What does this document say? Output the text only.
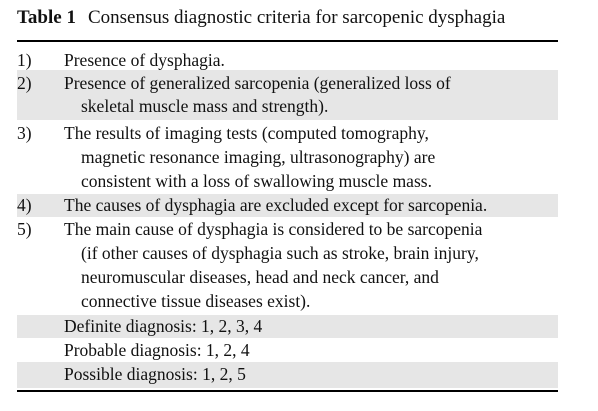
Table 1 Consensus diagnostic criteria for sarcopenic dysphagia
1) Presence of dysphagia.
2) Presence of generalized sarcopenia (generalized loss of
skeletal muscle mass and strength).
3) The results of imaging tests (computed tomography,
magnetic resonance imaging, ultrasonography) are
consistent with a loss of swallowing muscle mass.
4) The causes of dysphagia are excluded except for sarcopenia.
5) The main cause of dysphagia is considered to be sarcopenia
(if other causes of dysphagia such as stroke, brain injury,
neuromuscular diseases, head and neck cancer, and
connective tissue diseases exist).
Definite diagnosis: 1, 2, 3, 4
Probable diagnosis: 1, 2, 4
Possible diagnosis: 1, 2, 5
